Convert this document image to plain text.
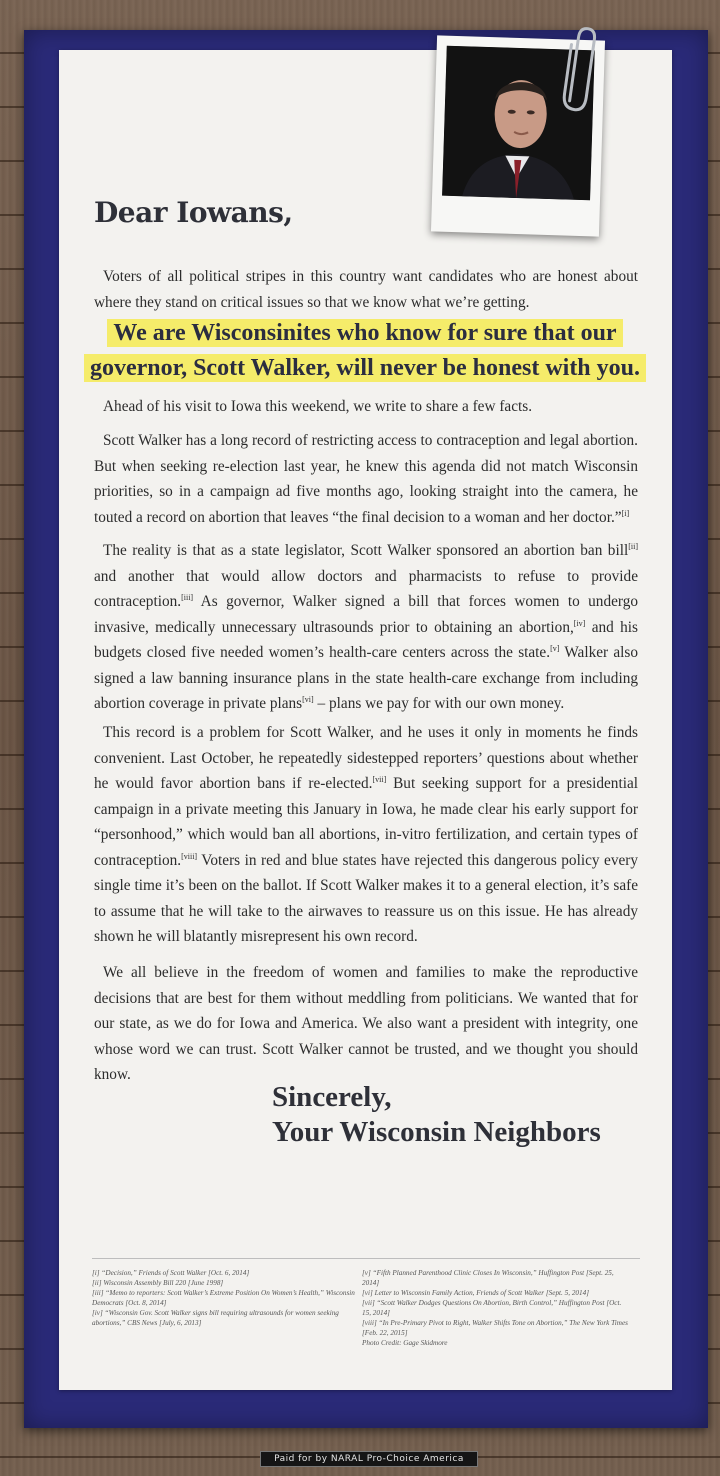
Dear Iowans,

Voters of all political stripes in this country want candidates who are honest about where they stand on critical issues so that we know what we’re getting.

We are Wisconsinites who know for sure that our governor, Scott Walker, will never be honest with you.

Ahead of his visit to Iowa this weekend, we write to share a few facts.

Scott Walker has a long record of restricting access to contraception and legal abortion. But when seeking re-election last year, he knew this agenda did not match Wisconsin priorities, so in a campaign ad five months ago, looking straight into the camera, he touted a record on abortion that leaves “the final decision to a woman and her doctor.”[i]

The reality is that as a state legislator, Scott Walker sponsored an abortion ban bill[ii] and another that would allow doctors and pharmacists to refuse to provide contraception.[iii] As governor, Walker signed a bill that forces women to undergo invasive, medically unnecessary ultrasounds prior to obtaining an abortion,[iv] and his budgets closed five needed women’s health-care centers across the state.[v] Walker also signed a law banning insurance plans in the state health-care exchange from including abortion coverage in private plans[vi] – plans we pay for with our own money.

This record is a problem for Scott Walker, and he uses it only in moments he finds convenient. Last October, he repeatedly sidestepped reporters’ questions about whether he would favor abortion bans if re-elected.[vii] But seeking support for a presidential campaign in a private meeting this January in Iowa, he made clear his early support for “personhood,” which would ban all abortions, in-vitro fertilization, and certain types of contraception.[viii] Voters in red and blue states have rejected this dangerous policy every single time it’s been on the ballot. If Scott Walker makes it to a general election, it’s safe to assume that he will take to the airwaves to reassure us on this issue. He has already shown he will blatantly misrepresent his own record.

We all believe in the freedom of women and families to make the reproductive decisions that are best for them without meddling from politicians. We wanted that for our state, as we do for Iowa and America. We also want a president with integrity, one whose word we can trust. Scott Walker cannot be trusted, and we thought you should know.

Sincerely,
Your Wisconsin Neighbors
[i] “Decision,” Friends of Scott Walker [Oct. 6, 2014]
[ii] Wisconsin Assembly Bill 220 [June 1998]
[iii] “Memo to reporters: Scott Walker’s Extreme Position On Women’s Health,” Wisconsin Democrats [Oct. 8, 2014]
[iv] “Wisconsin Gov. Scott Walker signs bill requiring ultrasounds for women seeking abortions,” CBS News [July, 6, 2013]
[v] “Fifth Planned Parenthood Clinic Closes In Wisconsin,” Huffington Post [Sept. 25, 2014]
[vi] Letter to Wisconsin Family Action, Friends of Scott Walker [Sept. 5, 2014]
[vii] “Scott Walker Dodges Questions On Abortion, Birth Control,” Huffington Post [Oct. 15, 2014]
[viii] “In Pre-Primary Pivot to Right, Walker Shifts Tone on Abortion,” The New York Times [Feb. 22, 2015]
Photo Credit: Gage Skidmore
Paid for by NARAL Pro-Choice America
